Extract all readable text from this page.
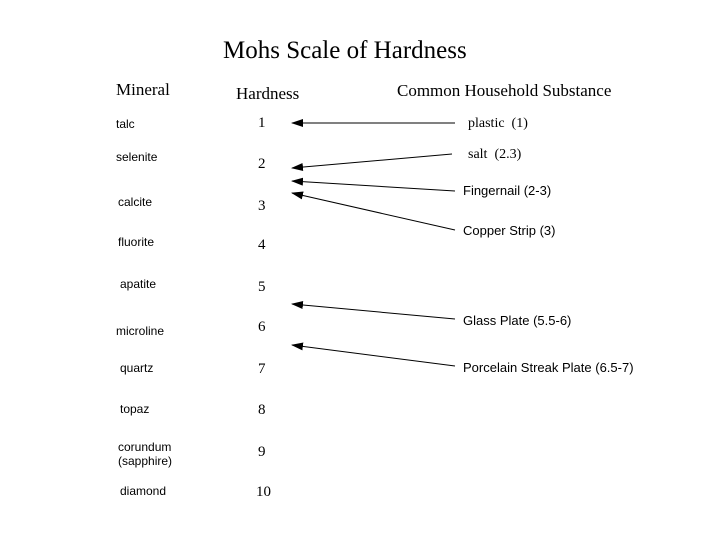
Mohs Scale of Hardness
Mineral	Hardness	Common Household Substance
talc
selenite
calcite
fluorite
apatite
microline
quartz
topaz
corundum
(sapphire)
diamond
1
2
3
4
5
6
7
8
9
10
plastic  (1)
salt  (2.3)
Fingernail (2-3)
Copper Strip (3)
Glass Plate (5.5-6)
Porcelain Streak Plate (6.5-7)
